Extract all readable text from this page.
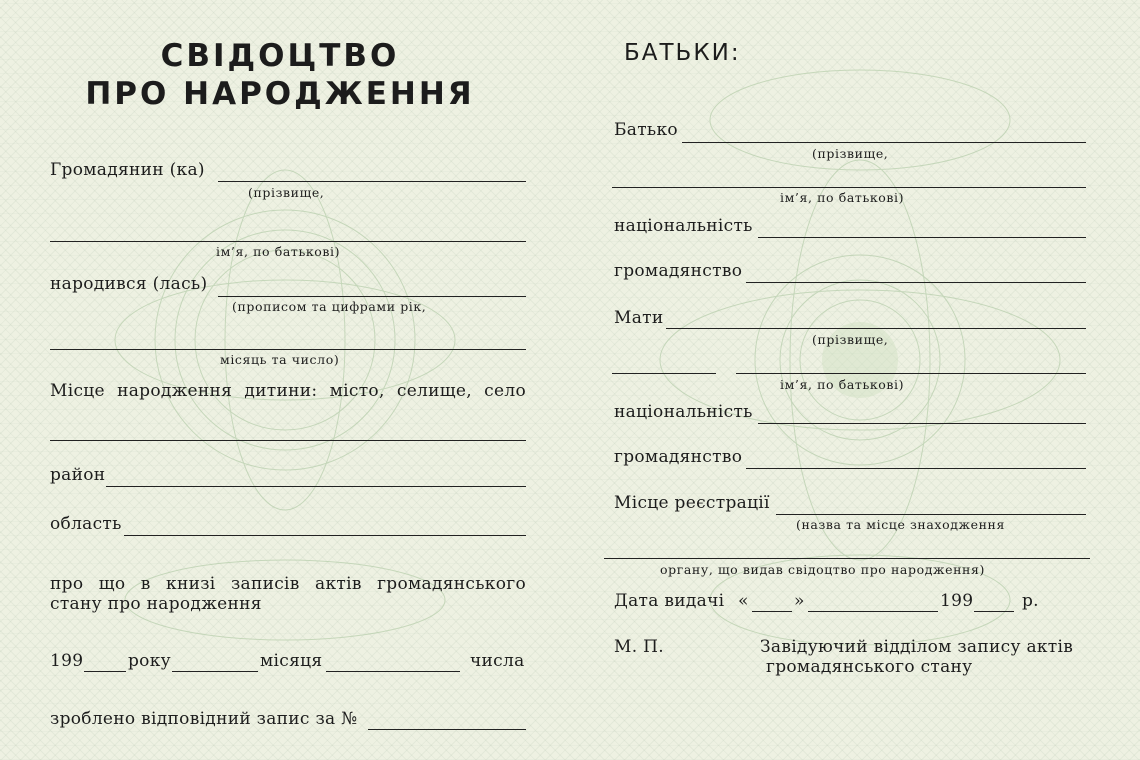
СВІДОЦТВО
ПРО НАРОДЖЕННЯ
Громадянин (ка)
(прізвище,
ім’я, по батькові)
народився (лась)
(прописом та цифрами рік,
місяць та число)
Місце народження дитини: місто, селище, село
район
область
про що в книзі записів актів громадянського
стану про народження
199	року	місяця	числа
зроблено відповідний запис за №
БАТЬКИ:
Батько
(прізвище,
ім’я, по батькові)
національність
громадянство
Мати
(прізвище,
ім’я, по батькові)
національність
громадянство
Місце реєстрації
(назва та місце знаходження
органу, що видав свідоцтво про народження)
Дата видачі «	»	199	р.
М. П.	Завідуючий відділом запису актів
громадянського стану
